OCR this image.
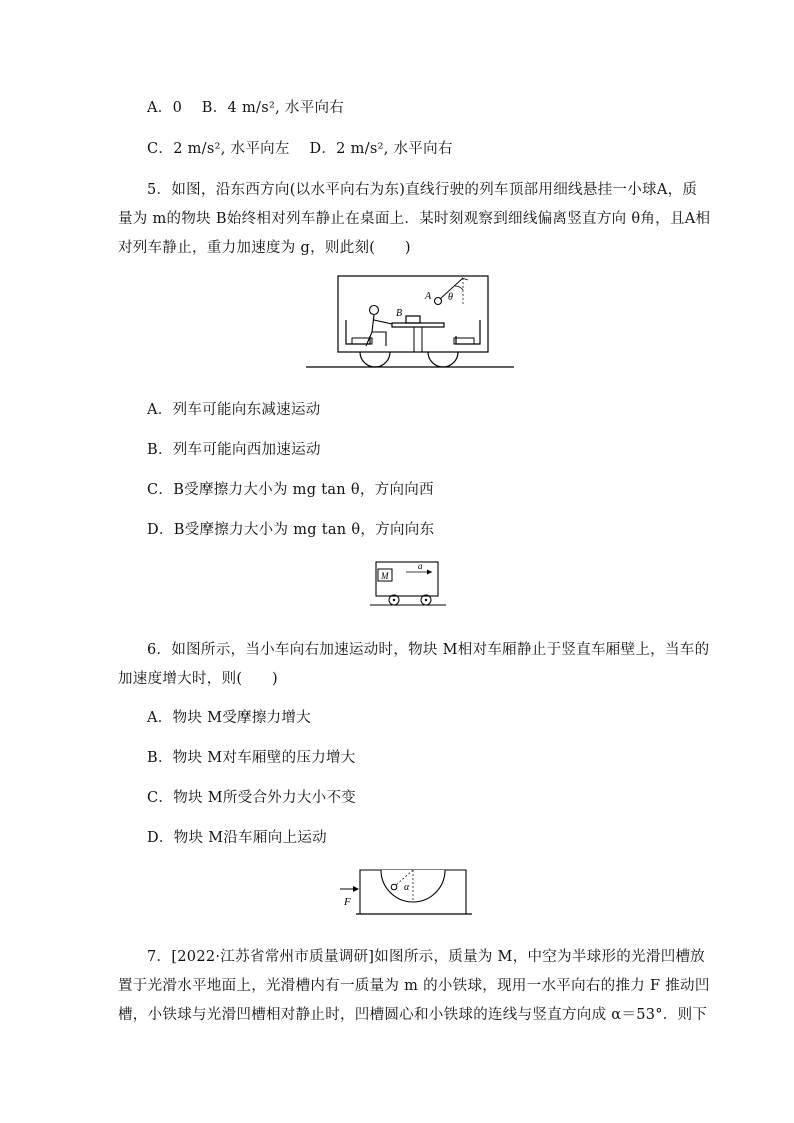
A．0　 B．4 m/s², 水平向右
C．2 m/s², 水平向左　 D．2 m/s², 水平向右
5．如图，沿东西方向(以水平向右为东)直线行驶的列车顶部用细线悬挂一小球A，质
量为 m的物块 B始终相对列车静止在桌面上．某时刻观察到细线偏离竖直方向 θ角，且A相
对列车静止，重力加速度为 g，则此刻(　　)
A
B
θ
A．列车可能向东减速运动
B．列车可能向西加速运动
C．B受摩擦力大小为 mg tan θ，方向向西
D．B受摩擦力大小为 mg tan θ，方向向东
M
a
6．如图所示，当小车向右加速运动时，物块 M相对车厢静止于竖直车厢壁上，当车的
加速度增大时，则(　　)
A．物块 M受摩擦力增大
B．物块 M对车厢壁的压力增大
C．物块 M所受合外力大小不变
D．物块 M沿车厢向上运动
α
F
7．[2022·江苏省常州市质量调研]如图所示，质量为 M，中空为半球形的光滑凹槽放
置于光滑水平地面上，光滑槽内有一质量为 m 的小铁球，现用一水平向右的推力 F 推动凹
槽，小铁球与光滑凹槽相对静止时，凹槽圆心和小铁球的连线与竖直方向成 α＝53°．则下
